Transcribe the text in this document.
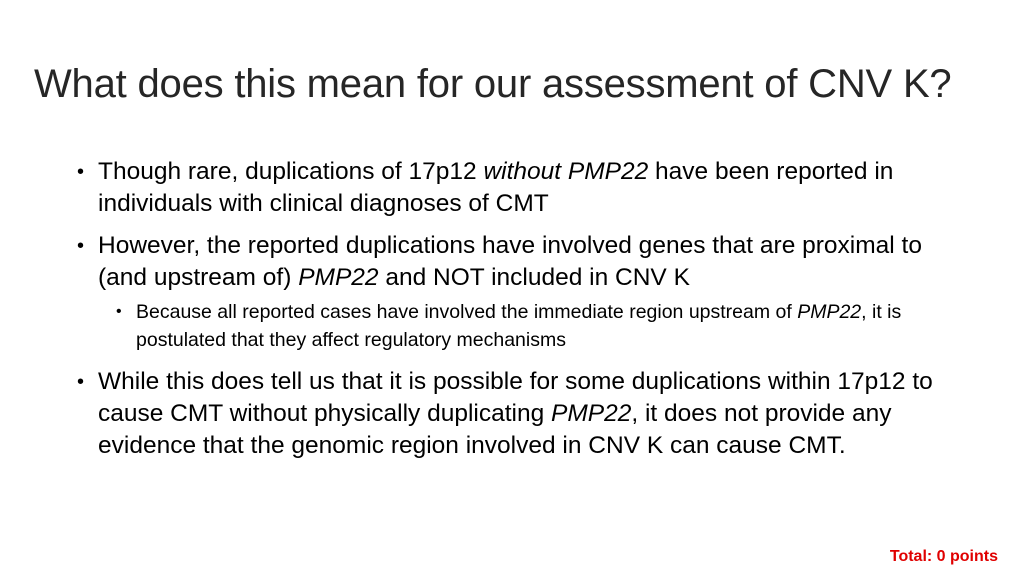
What does this mean for our assessment of CNV K?
• Though rare, duplications of 17p12 without PMP22 have been reported in individuals with clinical diagnoses of CMT
• However, the reported duplications have involved genes that are proximal to (and upstream of) PMP22 and NOT included in CNV K
• Because all reported cases have involved the immediate region upstream of PMP22, it is postulated that they affect regulatory mechanisms
• While this does tell us that it is possible for some duplications within 17p12 to cause CMT without physically duplicating PMP22, it does not provide any evidence that the genomic region involved in CNV K can cause CMT.
Total: 0 points
